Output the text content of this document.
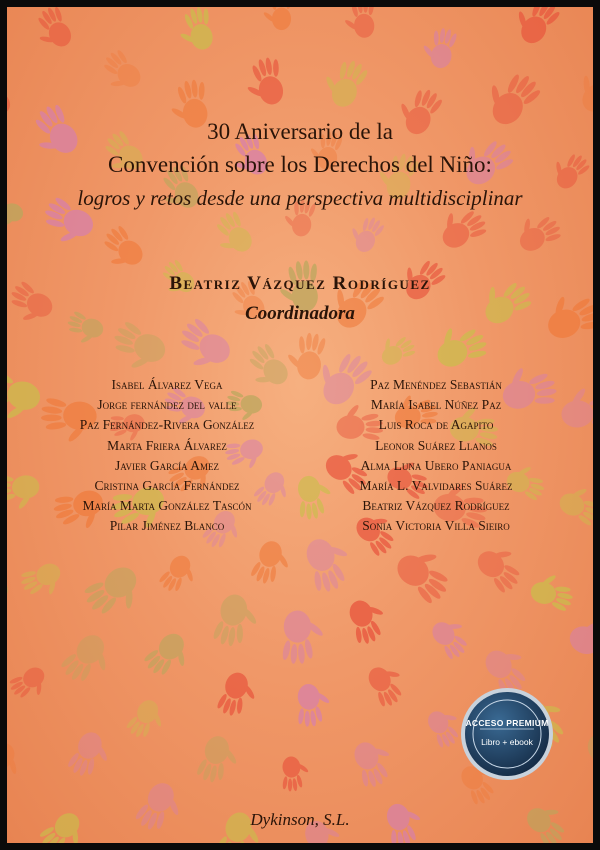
30 Aniversario de la
Convención sobre los Derechos del Niño:
logros y retos desde una perspectiva multidisciplinar
Beatriz Vázquez Rodríguez
Coordinadora
Isabel Álvarez Vega
Jorge fernández del valle
Paz Fernández-Rivera González
Marta Friera Álvarez
Javier García Amez
Cristina García Fernández
María Marta González Tascón
Pilar Jiménez Blanco
Paz Menéndez Sebastián
María Isabel Núñez Paz
Luis Roca de Agapito
Leonor Suárez Llanos
Alma Luna Ubero Paniagua
María L. Valvidares Suárez
Beatriz Vázquez Rodríguez
Sonia Victoria Villa Sieiro
ACCESO PREMIUM
Libro + ebook
Dykinson, S.L.
